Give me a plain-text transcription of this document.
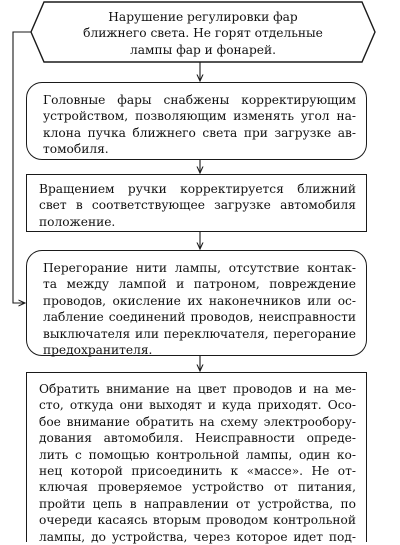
Нарушение регулировки фар
ближнего света. Не горят отдельные
лампы фар и фонарей.
Головные фары снабжены корректирующим
устройством, позволяющим изменять угол на-
клона пучка ближнего света при загрузке ав-
томобиля.
Вращением ручки корректируется ближний
свет в соответствующее загрузке автомобиля
положение.
Перегорание нити лампы, отсутствие контак-
та между лампой и патроном, повреждение
проводов, окисление их наконечников или ос-
лабление соединений проводов, неисправности
выключателя или переключателя, перегорание
предохранителя.
Обратить внимание на цвет проводов и на ме-
сто, откуда они выходят и куда приходят. Осо-
бое внимание обратить на схему электрообору-
дования автомобиля. Неисправности опреде-
лить с помощью контрольной лампы, один ко-
нец которой присоединить к «массе». Не от-
ключая проверяемое устройство от питания,
пройти цепь в направлении от устройства, по
очереди касаясь вторым проводом контрольной
лампы, до устройства, через которое идет под-
